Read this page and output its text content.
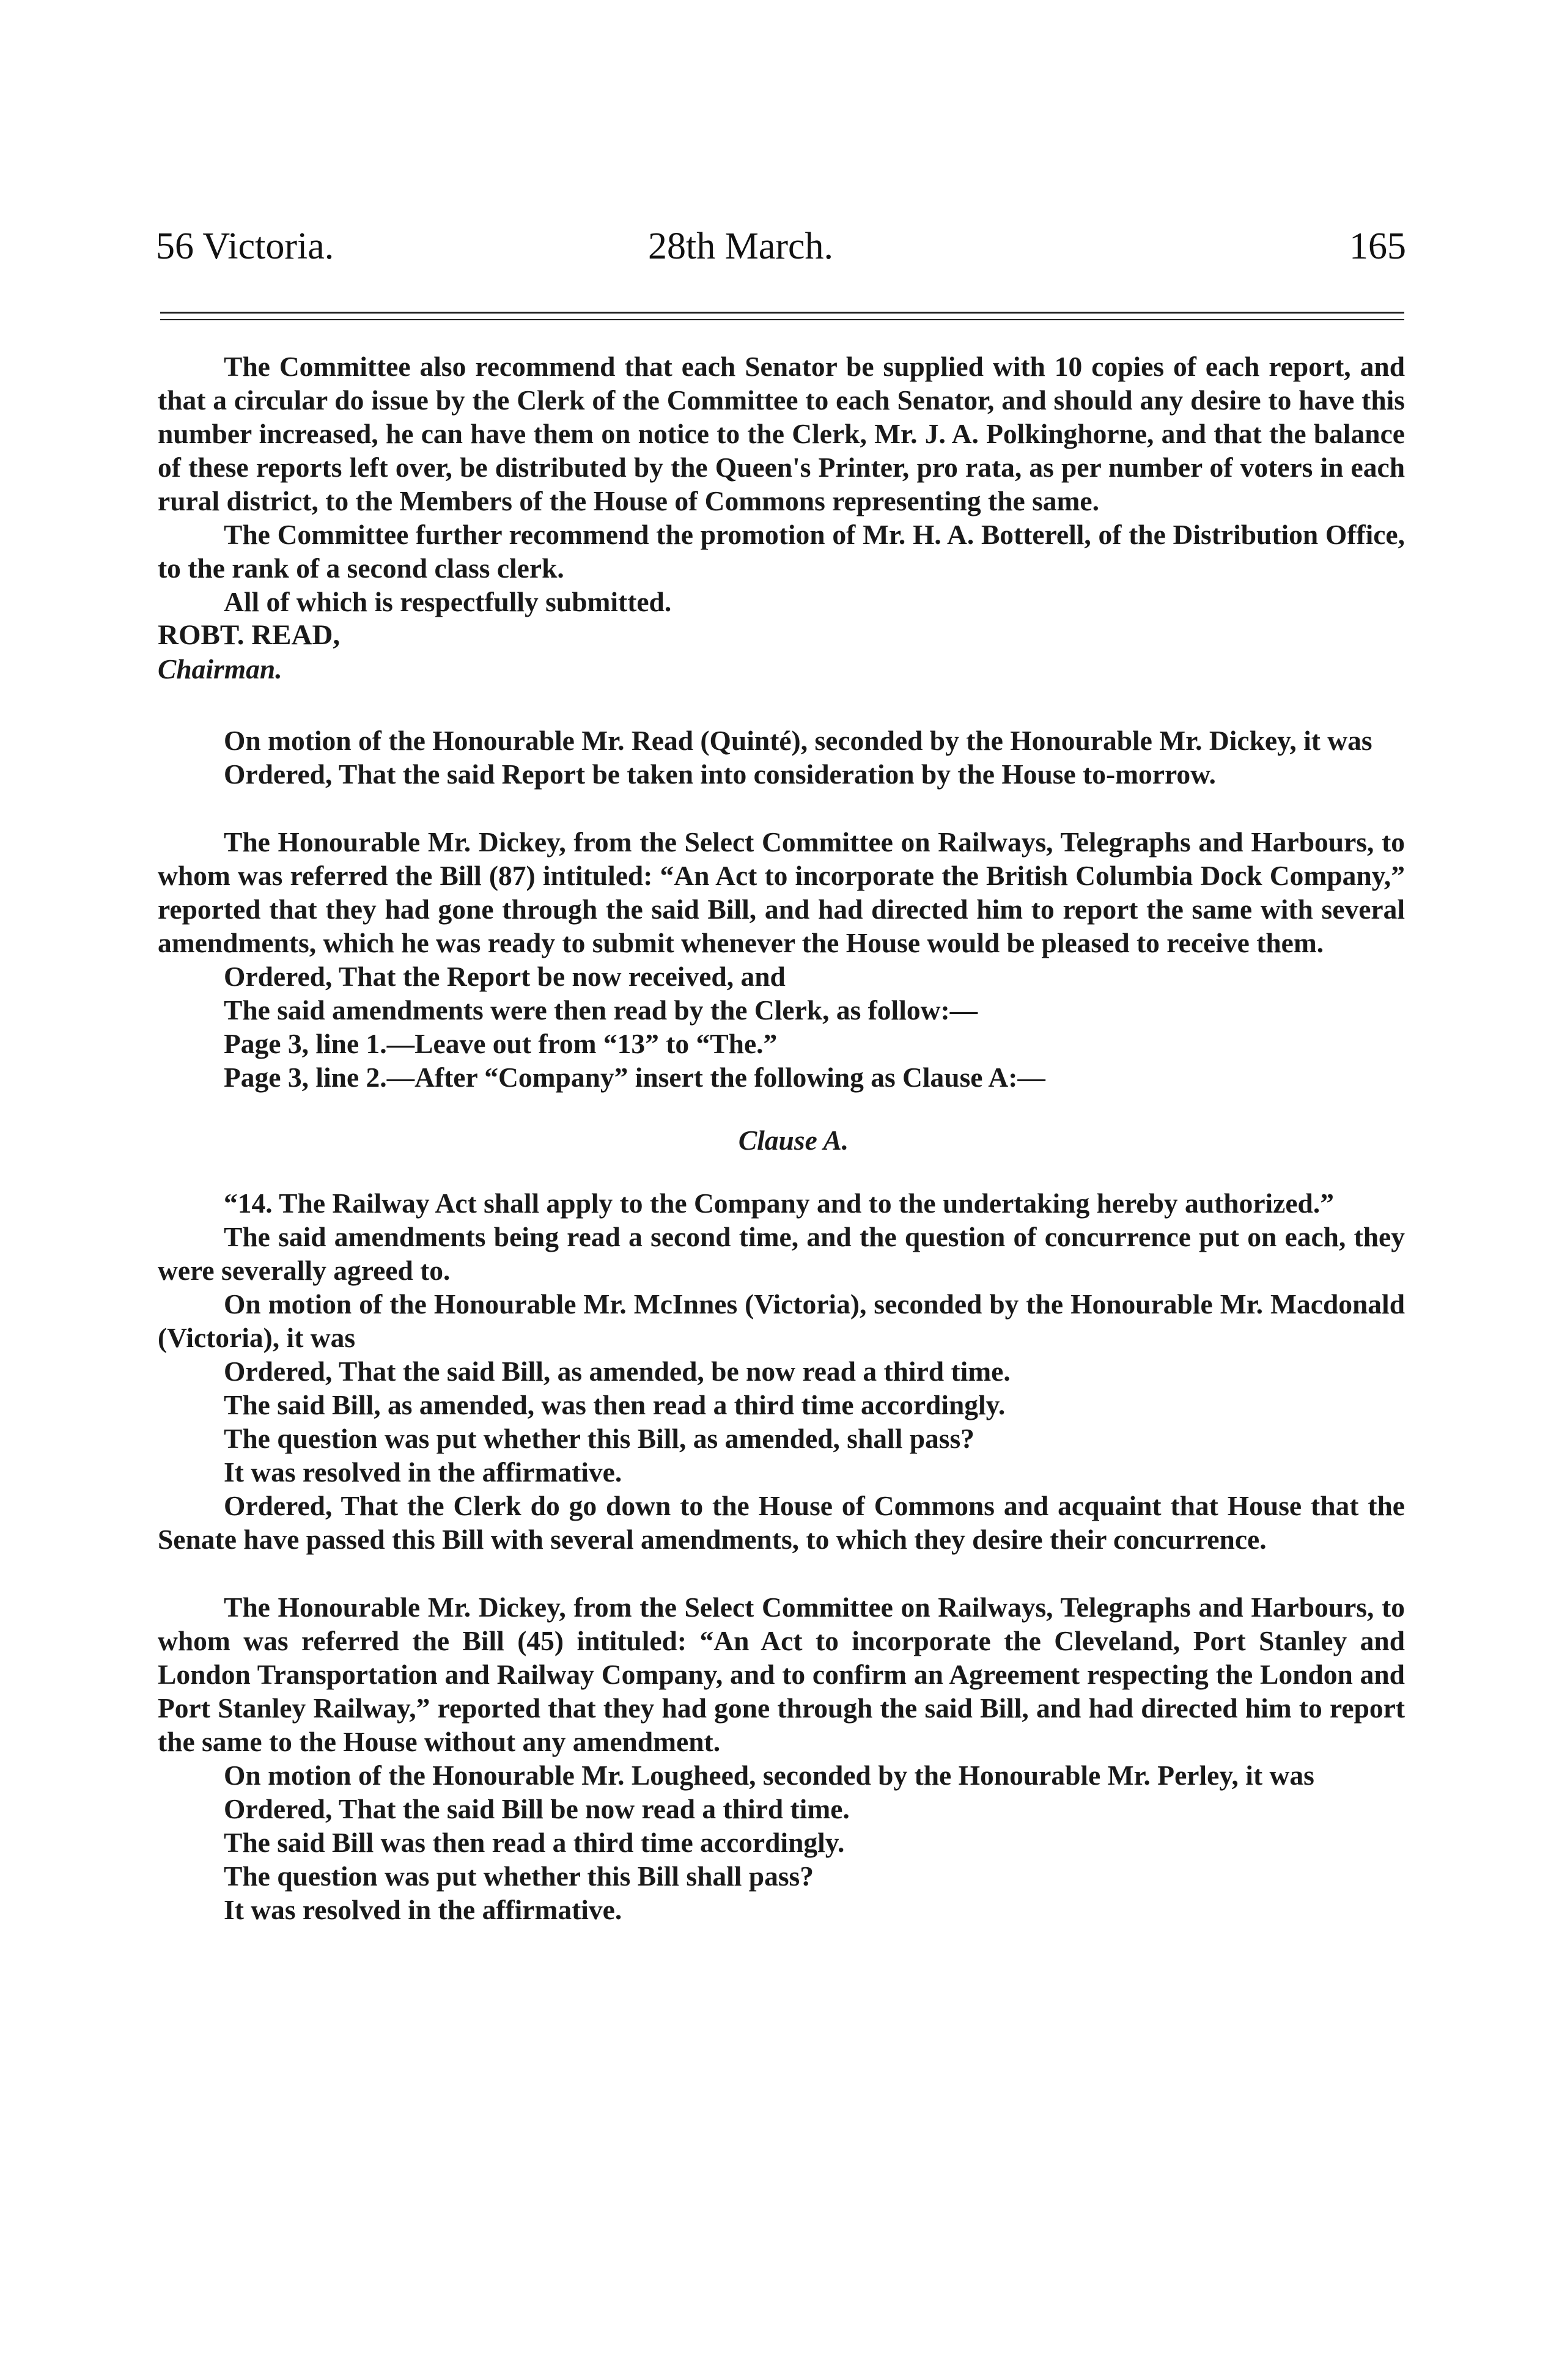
56 Victoria.	28th March.	165

The Committee also recommend that each Senator be supplied with 10 copies of each report, and that a circular do issue by the Clerk of the Committee to each Senator, and should any desire to have this number increased, he can have them on notice to the Clerk, Mr. J. A. Polkinghorne, and that the balance of these reports left over, be distributed by the Queen's Printer, pro rata, as per number of voters in each rural district, to the Members of the House of Commons representing the same.

The Committee further recommend the promotion of Mr. H. A. Botterell, of the Distribution Office, to the rank of a second class clerk.

All of which is respectfully submitted.

ROBT. READ,

Chairman.

On motion of the Honourable Mr. Read (Quinté), seconded by the Honourable Mr. Dickey, it was

Ordered, That the said Report be taken into consideration by the House to-morrow.

The Honourable Mr. Dickey, from the Select Committee on Railways, Telegraphs and Harbours, to whom was referred the Bill (87) intituled: “An Act to incorporate the British Columbia Dock Company,” reported that they had gone through the said Bill, and had directed him to report the same with several amendments, which he was ready to submit whenever the House would be pleased to receive them.

Ordered, That the Report be now received, and

The said amendments were then read by the Clerk, as follow:—

Page 3, line 1.—Leave out from “13” to “The.”

Page 3, line 2.—After “Company” insert the following as Clause A:—

Clause A.

“14. The Railway Act shall apply to the Company and to the undertaking hereby authorized.”

The said amendments being read a second time, and the question of concurrence put on each, they were severally agreed to.

On motion of the Honourable Mr. McInnes (Victoria), seconded by the Honourable Mr. Macdonald (Victoria), it was

Ordered, That the said Bill, as amended, be now read a third time.

The said Bill, as amended, was then read a third time accordingly.

The question was put whether this Bill, as amended, shall pass?

It was resolved in the affirmative.

Ordered, That the Clerk do go down to the House of Commons and acquaint that House that the Senate have passed this Bill with several amendments, to which they desire their concurrence.

The Honourable Mr. Dickey, from the Select Committee on Railways, Telegraphs and Harbours, to whom was referred the Bill (45) intituled: “An Act to incorporate the Cleveland, Port Stanley and London Transportation and Railway Company, and to confirm an Agreement respecting the London and Port Stanley Railway,” reported that they had gone through the said Bill, and had directed him to report the same to the House without any amendment.

On motion of the Honourable Mr. Lougheed, seconded by the Honourable Mr. Perley, it was

Ordered, That the said Bill be now read a third time.

The said Bill was then read a third time accordingly.

The question was put whether this Bill shall pass?

It was resolved in the affirmative.
